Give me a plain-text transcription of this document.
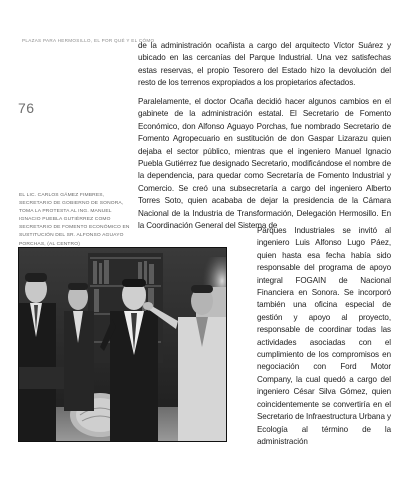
PLAZAS PARA HERMOSILLO, EL POR QUÉ Y EL CÓMO
76
EL LIC. CARLOS GÁMEZ FIMBRES, SECRETARIO DE GOBIERNO DE SONORA, TOMA LA PROTESTA AL ING. MANUEL IGNACIO PUEBLA GUTIÉRREZ COMO SECRETARIO DE FOMENTO ECONÓMICO EN SUSTITUCIÓN DEL SR. ALFONSO AGUAYO PORCHAS, (AL CENTRO)

de la administración ocañista a cargo del arquitecto Víctor Suárez y ubicado en las cercanías del Parque Industrial. Una vez satisfechas estas reservas, el propio Tesorero del Estado hizo la devolución del resto de los terrenos expropiados a los propietarios afectados.

Paralelamente, el doctor Ocaña decidió hacer algunos cambios en el gabinete de la administración estatal. El Secretario de Fomento Económico, don Alfonso Aguayo Porchas, fue nombrado Secretario de Fomento Agropecuario en sustitución de don Gaspar Lizarazu quien dejaba el sector público, mientras que el ingeniero Manuel Ignacio Puebla Gutiérrez fue designado Secretario, modificándose el nombre de la dependencia, para quedar como Secretaría de Fomento Industrial y Comercio. Se creó una subsecretaría a cargo del ingeniero Alberto Torres Soto, quien acababa de dejar la presidencia de la Cámara Nacional de la Industria de Transformación, Delegación Hermosillo. En la Coordinación General del Sistema de

Parques Industriales se invitó al ingeniero Luis Alfonso Lugo Páez, quien hasta esa fecha había sido responsable del programa de apoyo integral FOGAIN de Nacional Financiera en Sonora. Se incorporó también una oficina especial de gestión y apoyo al proyecto, responsable de coordinar todas las actividades asociadas con el cumplimiento de los compromisos en negociación con Ford Motor Company, la cual quedó a cargo del ingeniero César Silva Gómez, quien coincidentemente se convertiría en el Secretario de Infraestructura Urbana y Ecología al término de la administración
